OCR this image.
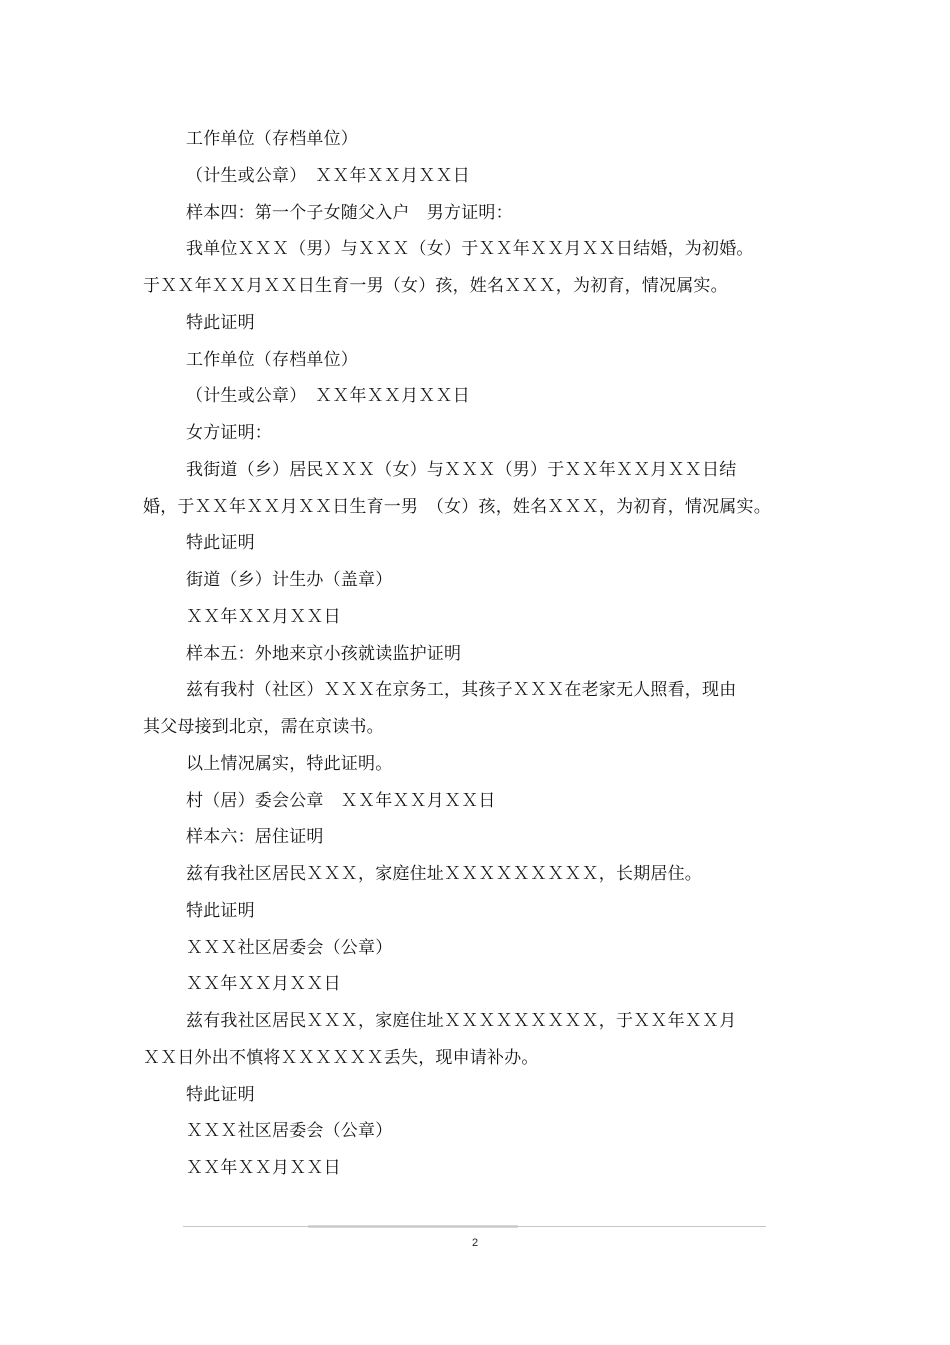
工作单位（存档单位）
（计生或公章）　ＸＸ年ＸＸ月ＸＸ日
样本四：第一个子女随父入户　男方证明：
我单位ＸＸＸ（男）与ＸＸＸ（女）于ＸＸ年ＸＸ月ＸＸ日结婚，为初婚。
于ＸＸ年ＸＸ月ＸＸ日生育一男（女）孩，姓名ＸＸＸ，为初育，情况属实。
特此证明
工作单位（存档单位）
（计生或公章）　ＸＸ年ＸＸ月ＸＸ日
女方证明：
我街道（乡）居民ＸＸＸ（女）与ＸＸＸ（男）于ＸＸ年ＸＸ月ＸＸ日结
婚，于ＸＸ年ＸＸ月ＸＸ日生育一男　（女）孩，姓名ＸＸＸ，为初育，情况属实。
特此证明
街道（乡）计生办（盖章）
ＸＸ年ＸＸ月ＸＸ日
样本五：外地来京小孩就读监护证明
兹有我村（社区）ＸＸＸ在京务工，其孩子ＸＸＸ在老家无人照看，现由
其父母接到北京，需在京读书。
以上情况属实，特此证明。
村（居）委会公章　ＸＸ年ＸＸ月ＸＸ日
样本六：居住证明
兹有我社区居民ＸＸＸ，家庭住址ＸＸＸＸＸＸＸＸＸ，长期居住。
特此证明
ＸＸＸ社区居委会（公章）
ＸＸ年ＸＸ月ＸＸ日
兹有我社区居民ＸＸＸ，家庭住址ＸＸＸＸＸＸＸＸＸ，于ＸＸ年ＸＸ月
ＸＸ日外出不慎将ＸＸＸＸＸＸ丢失，现申请补办。
特此证明
ＸＸＸ社区居委会（公章）
ＸＸ年ＸＸ月ＸＸ日
2
